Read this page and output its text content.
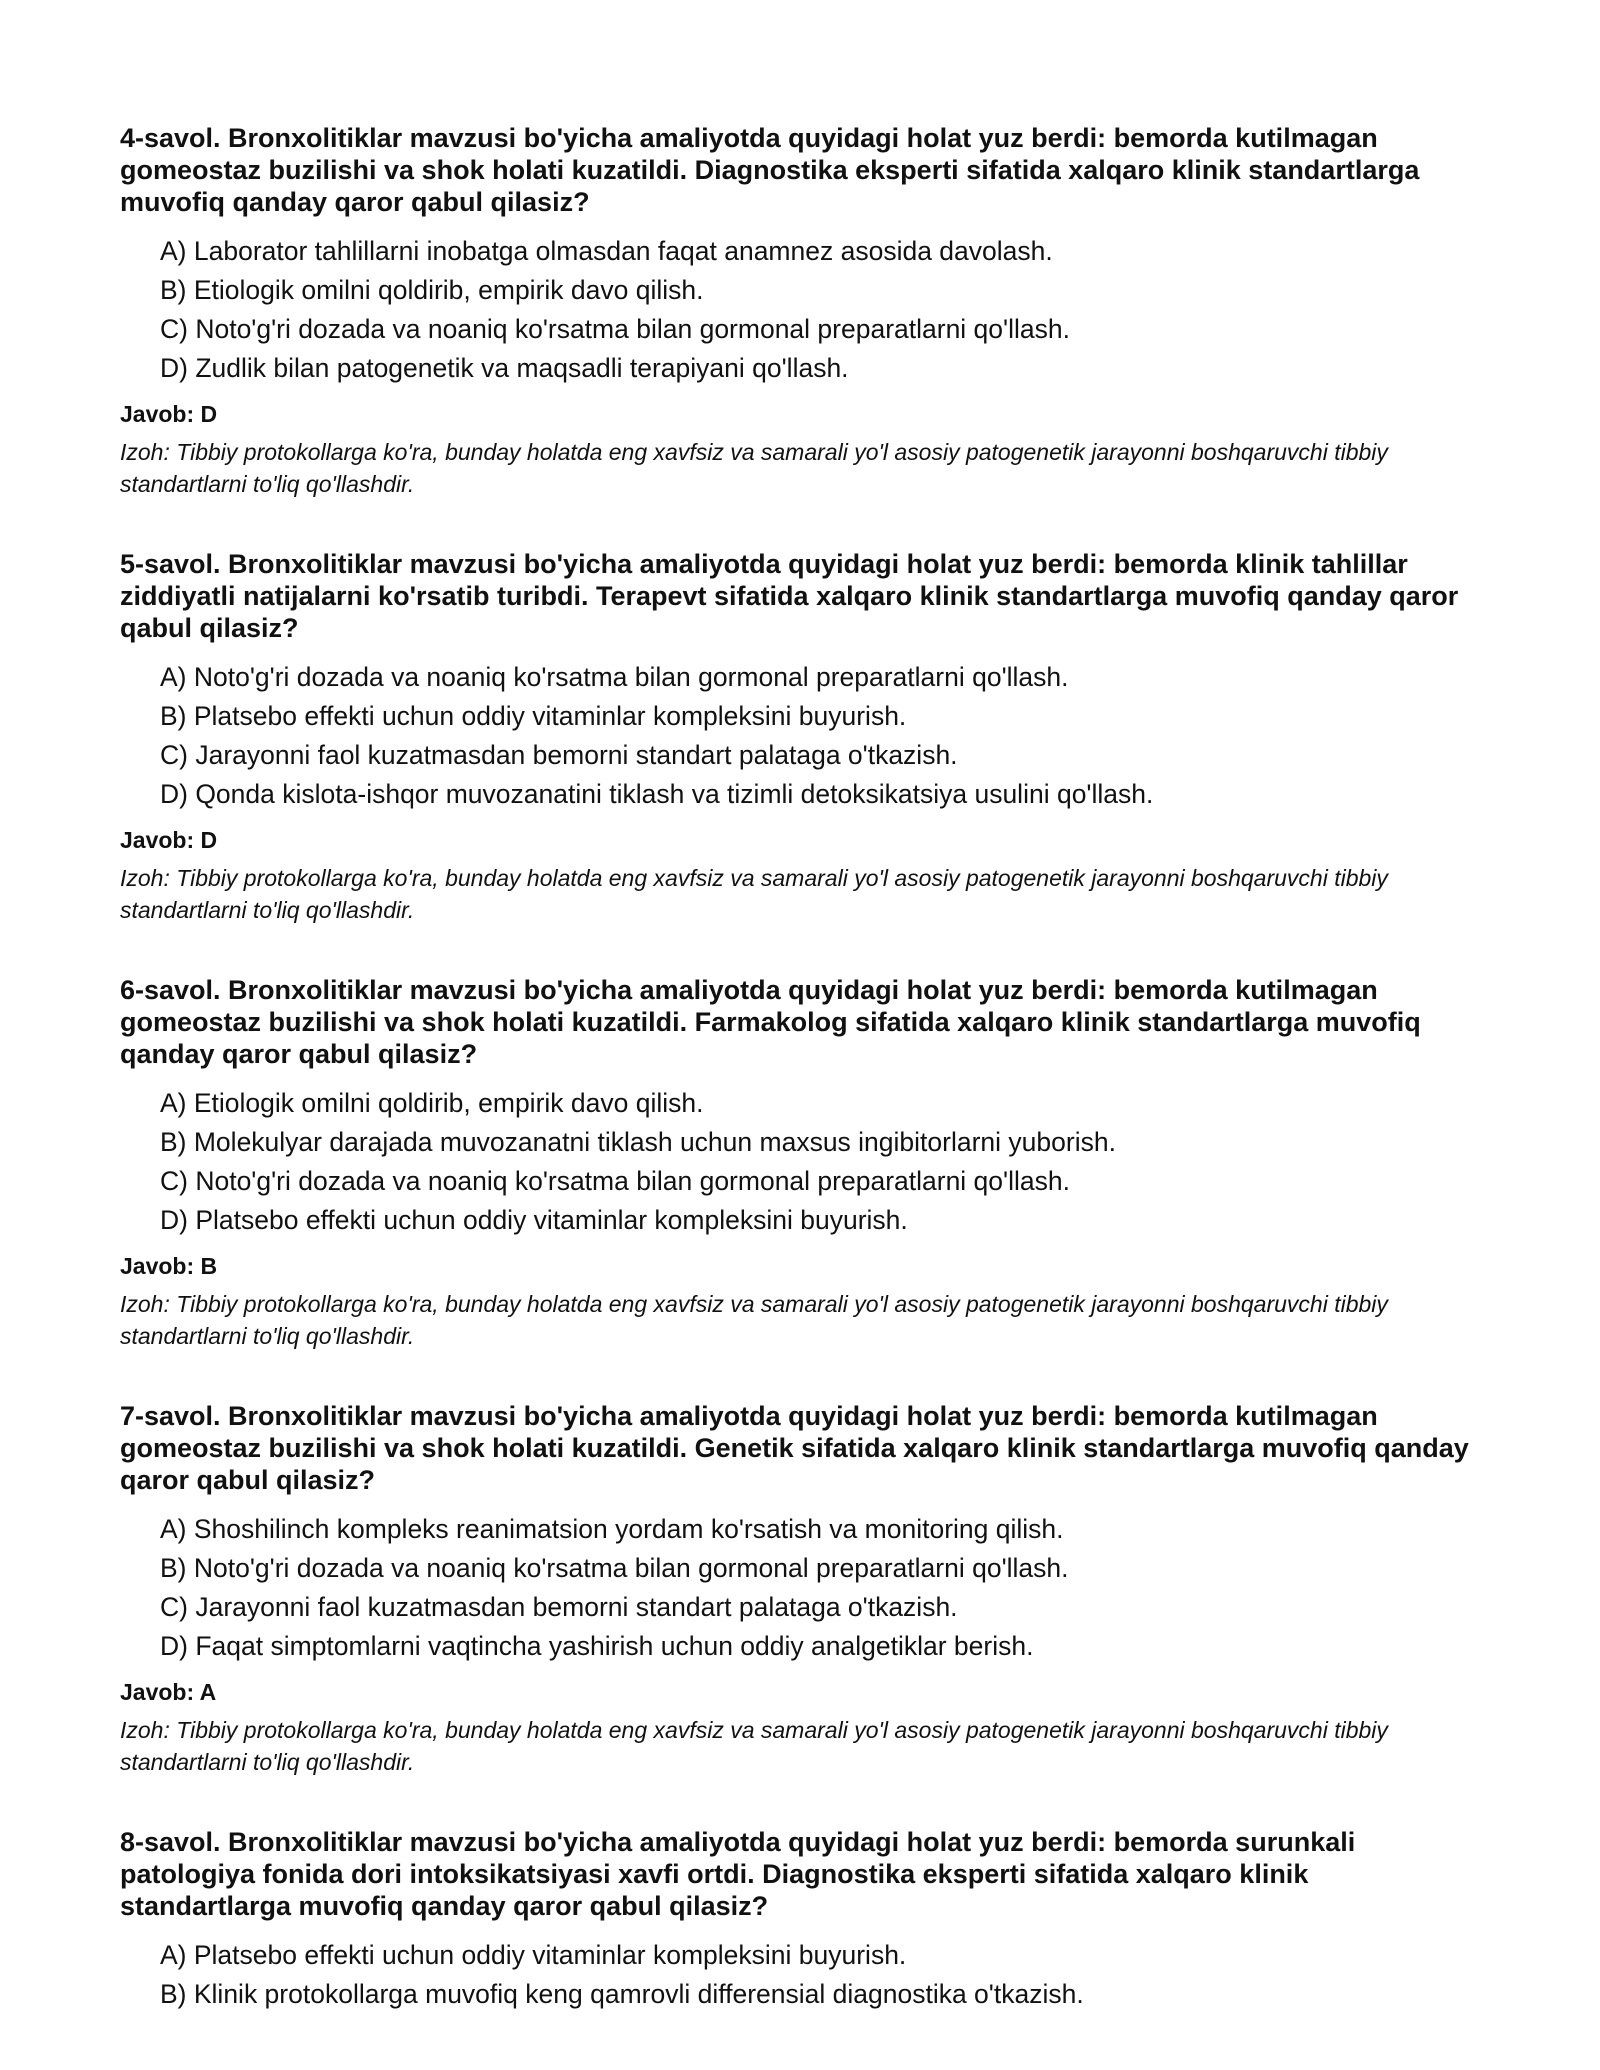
4-savol. Bronxolitiklar mavzusi bo'yicha amaliyotda quyidagi holat yuz berdi: bemorda kutilmagan gomeostaz buzilishi va shok holati kuzatildi. Diagnostika eksperti sifatida xalqaro klinik standartlarga muvofiq qanday qaror qabul qilasiz?

A) Laborator tahlillarni inobatga olmasdan faqat anamnez asosida davolash.
B) Etiologik omilni qoldirib, empirik davo qilish.
C) Noto'g'ri dozada va noaniq ko'rsatma bilan gormonal preparatlarni qo'llash.
D) Zudlik bilan patogenetik va maqsadli terapiyani qo'llash.

Javob: D

Izoh: Tibbiy protokollarga ko'ra, bunday holatda eng xavfsiz va samarali yo'l asosiy patogenetik jarayonni boshqaruvchi tibbiy standartlarni to'liq qo'llashdir.

5-savol. Bronxolitiklar mavzusi bo'yicha amaliyotda quyidagi holat yuz berdi: bemorda klinik tahlillar ziddiyatli natijalarni ko'rsatib turibdi. Terapevt sifatida xalqaro klinik standartlarga muvofiq qanday qaror qabul qilasiz?

A) Noto'g'ri dozada va noaniq ko'rsatma bilan gormonal preparatlarni qo'llash.
B) Platsebo effekti uchun oddiy vitaminlar kompleksini buyurish.
C) Jarayonni faol kuzatmasdan bemorni standart palataga o'tkazish.
D) Qonda kislota-ishqor muvozanatini tiklash va tizimli detoksikatsiya usulini qo'llash.

Javob: D

Izoh: Tibbiy protokollarga ko'ra, bunday holatda eng xavfsiz va samarali yo'l asosiy patogenetik jarayonni boshqaruvchi tibbiy standartlarni to'liq qo'llashdir.

6-savol. Bronxolitiklar mavzusi bo'yicha amaliyotda quyidagi holat yuz berdi: bemorda kutilmagan gomeostaz buzilishi va shok holati kuzatildi. Farmakolog sifatida xalqaro klinik standartlarga muvofiq qanday qaror qabul qilasiz?

A) Etiologik omilni qoldirib, empirik davo qilish.
B) Molekulyar darajada muvozanatni tiklash uchun maxsus ingibitorlarni yuborish.
C) Noto'g'ri dozada va noaniq ko'rsatma bilan gormonal preparatlarni qo'llash.
D) Platsebo effekti uchun oddiy vitaminlar kompleksini buyurish.

Javob: B

Izoh: Tibbiy protokollarga ko'ra, bunday holatda eng xavfsiz va samarali yo'l asosiy patogenetik jarayonni boshqaruvchi tibbiy standartlarni to'liq qo'llashdir.

7-savol. Bronxolitiklar mavzusi bo'yicha amaliyotda quyidagi holat yuz berdi: bemorda kutilmagan gomeostaz buzilishi va shok holati kuzatildi. Genetik sifatida xalqaro klinik standartlarga muvofiq qanday qaror qabul qilasiz?

A) Shoshilinch kompleks reanimatsion yordam ko'rsatish va monitoring qilish.
B) Noto'g'ri dozada va noaniq ko'rsatma bilan gormonal preparatlarni qo'llash.
C) Jarayonni faol kuzatmasdan bemorni standart palataga o'tkazish.
D) Faqat simptomlarni vaqtincha yashirish uchun oddiy analgetiklar berish.

Javob: A

Izoh: Tibbiy protokollarga ko'ra, bunday holatda eng xavfsiz va samarali yo'l asosiy patogenetik jarayonni boshqaruvchi tibbiy standartlarni to'liq qo'llashdir.

8-savol. Bronxolitiklar mavzusi bo'yicha amaliyotda quyidagi holat yuz berdi: bemorda surunkali patologiya fonida dori intoksikatsiyasi xavfi ortdi. Diagnostika eksperti sifatida xalqaro klinik standartlarga muvofiq qanday qaror qabul qilasiz?

A) Platsebo effekti uchun oddiy vitaminlar kompleksini buyurish.
B) Klinik protokollarga muvofiq keng qamrovli differensial diagnostika o'tkazish.
